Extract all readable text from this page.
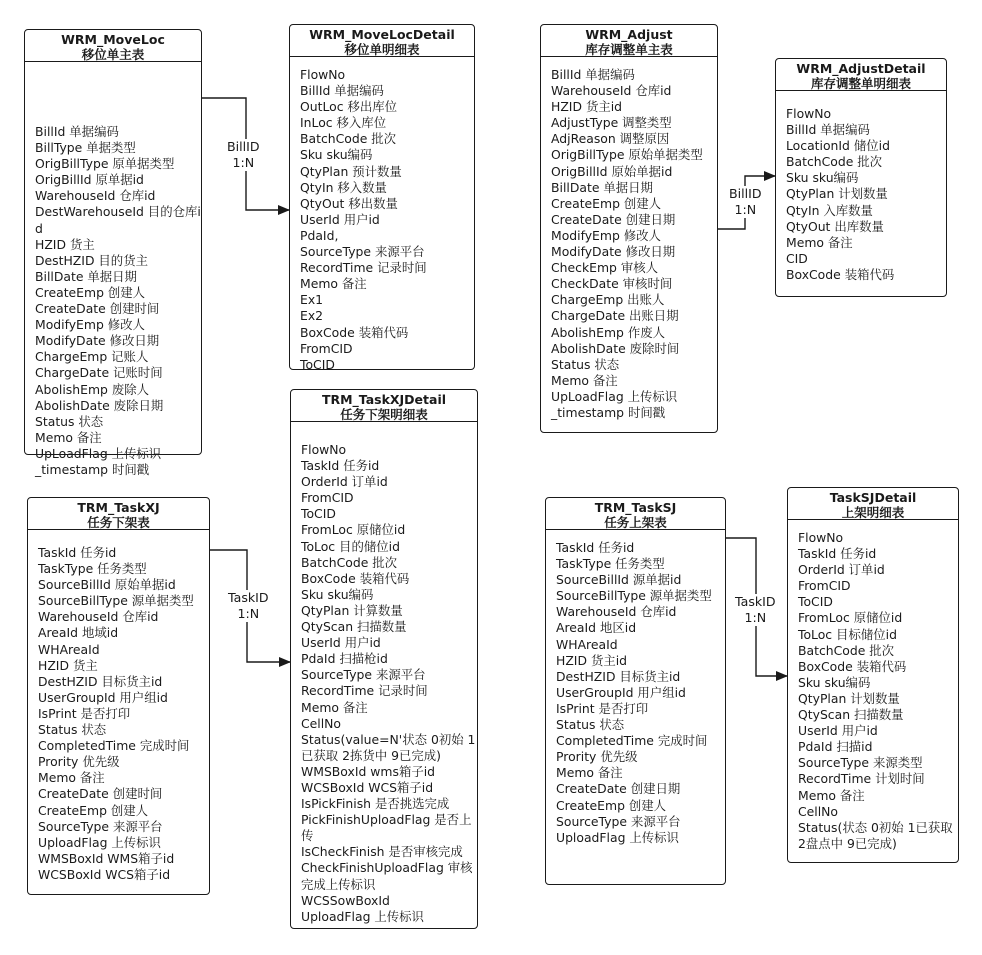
BillID
1:N
BillID
1:N
TaskID
1:N
TaskID
1:N
WRM_MoveLoc
移位单主表
BillId 单据编码
BillType 单据类型
OrigBillType 原单据类型
OrigBillId 原单据id
WarehouseId 仓库id
DestWarehouseId 目的仓库id
HZID 货主
DestHZID 目的货主
BillDate 单据日期
CreateEmp 创建人
CreateDate 创建时间
ModifyEmp 修改人
ModifyDate 修改日期
ChargeEmp 记账人
ChargeDate 记账时间
AbolishEmp 废除人
AbolishDate 废除日期
Status 状态
Memo 备注
UpLoadFlag 上传标识
_timestamp 时间戳
WRM_MoveLocDetail
移位单明细表
FlowNo
BillId 单据编码
OutLoc 移出库位
InLoc 移入库位
BatchCode 批次
Sku sku编码
QtyPlan 预计数量
QtyIn 移入数量
QtyOut 移出数量
UserId 用户id
PdaId,
SourceType 来源平台
RecordTime 记录时间
Memo 备注
Ex1
Ex2
BoxCode 装箱代码
FromCID
ToCID
WRM_Adjust
库存调整单主表
BillId 单据编码
WarehouseId 仓库id
HZID 货主id
AdjustType 调整类型
AdjReason 调整原因
OrigBillType 原始单据类型
OrigBillId 原始单据id
BillDate 单据日期
CreateEmp 创建人
CreateDate 创建日期
ModifyEmp 修改人
ModifyDate 修改日期
CheckEmp 审核人
CheckDate 审核时间
ChargeEmp 出账人
ChargeDate 出账日期
AbolishEmp 作废人
AbolishDate 废除时间
Status 状态
Memo 备注
UpLoadFlag 上传标识
_timestamp 时间戳
WRM_AdjustDetail
库存调整单明细表
FlowNo
BillId 单据编码
LocationId 储位id
BatchCode 批次
Sku sku编码
QtyPlan 计划数量
QtyIn 入库数量
QtyOut 出库数量
Memo 备注
CID
BoxCode 装箱代码
TRM_TaskXJ
任务下架表
TaskId 任务id
TaskType 任务类型
SourceBillId 原始单据id
SourceBillType 源单据类型
WarehouseId 仓库id
AreaId 地域id
WHAreaId
HZID 货主
DestHZID 目标货主id
UserGroupId 用户组id
IsPrint 是否打印
Status 状态
CompletedTime 完成时间
Prority 优先级
Memo 备注
CreateDate 创建时间
CreateEmp 创建人
SourceType 来源平台
UploadFlag 上传标识
WMSBoxId WMS箱子id
WCSBoxId WCS箱子id
TRM_TaskXJDetail
任务下架明细表
FlowNo
TaskId 任务id
OrderId 订单id
FromCID
ToCID
FromLoc 原储位id
ToLoc 目的储位id
BatchCode 批次
BoxCode 装箱代码
Sku sku编码
QtyPlan 计算数量
QtyScan 扫描数量
UserId 用户id
PdaId 扫描枪id
SourceType 来源平台
RecordTime 记录时间
Memo 备注
CellNo
Status(value=N'状态 0初始 1已获取 2拣货中 9已完成)
WMSBoxId wms箱子id
WCSBoxId WCS箱子id
IsPickFinish 是否挑选完成
PickFinishUploadFlag 是否上传
IsCheckFinish 是否审核完成
CheckFinishUploadFlag 审核完成上传标识
WCSSowBoxId
UploadFlag 上传标识
TRM_TaskSJ
任务上架表
TaskId 任务id
TaskType 任务类型
SourceBillId 源单据id
SourceBillType 源单据类型
WarehouseId 仓库id
AreaId 地区id
WHAreaId
HZID 货主id
DestHZID 目标货主id
UserGroupId 用户组id
IsPrint 是否打印
Status 状态
CompletedTime 完成时间
Prority 优先级
Memo 备注
CreateDate 创建日期
CreateEmp 创建人
SourceType 来源平台
UploadFlag 上传标识
TaskSJDetail
上架明细表
FlowNo
TaskId 任务id
OrderId 订单id
FromCID
ToCID
FromLoc 原储位id
ToLoc 目标储位id
BatchCode 批次
BoxCode 装箱代码
Sku sku编码
QtyPlan 计划数量
QtyScan 扫描数量
UserId 用户id
PdaId 扫描id
SourceType 来源类型
RecordTime 计划时间
Memo 备注
CellNo
Status(状态 0初始 1已获取 2盘点中 9已完成)
